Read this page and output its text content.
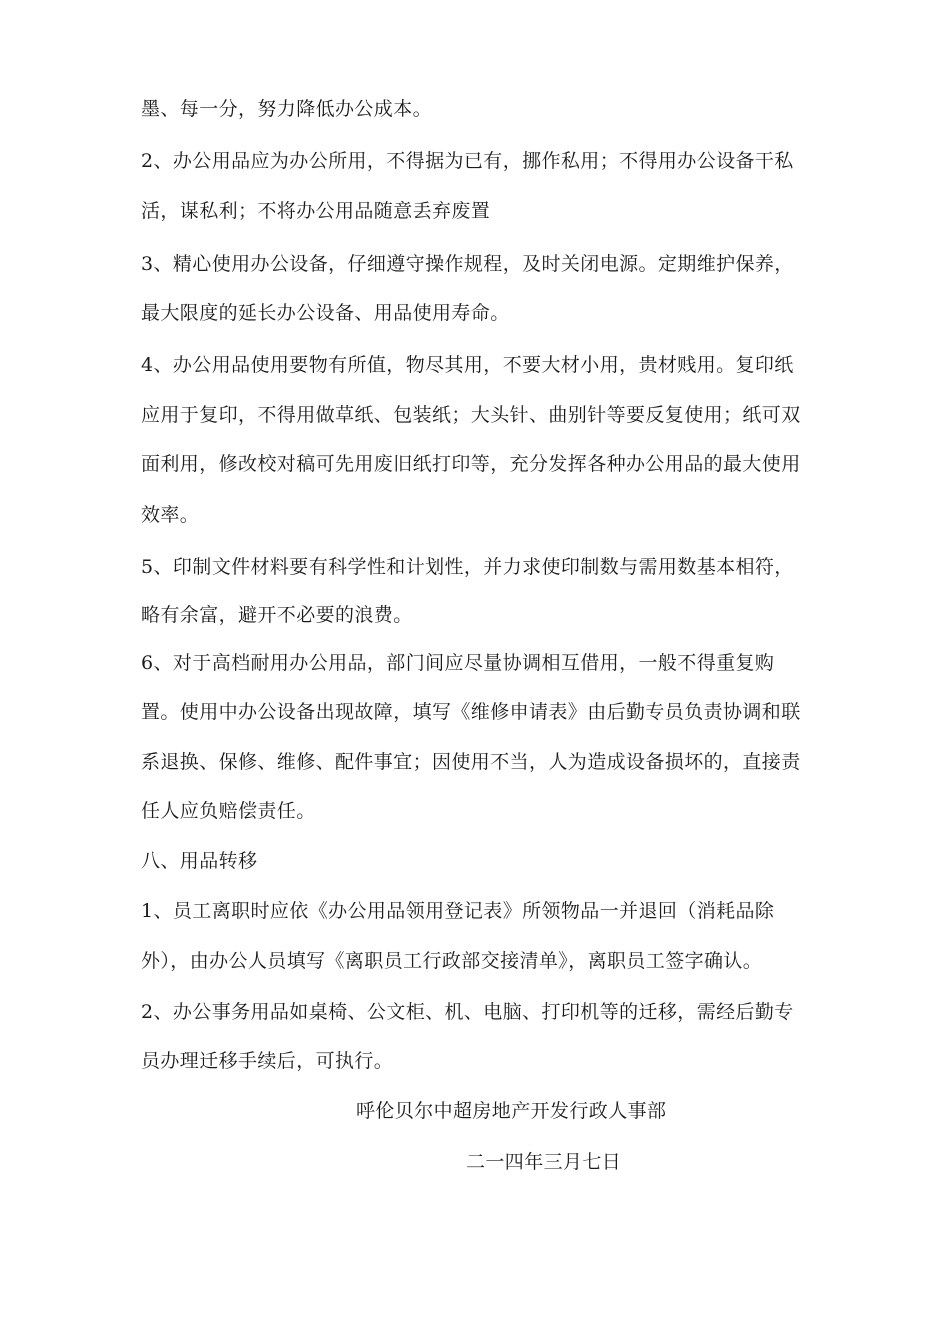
墨、每一分，努力降低办公成本。
2、办公用品应为办公所用，不得据为已有，挪作私用；不得用办公设备干私
活，谋私利；不将办公用品随意丢弃废置
3、精心使用办公设备，仔细遵守操作规程，及时关闭电源。定期维护保养，
最大限度的延长办公设备、用品使用寿命。
4、办公用品使用要物有所值，物尽其用，不要大材小用，贵材贱用。复印纸
应用于复印，不得用做草纸、包装纸；大头针、曲别针等要反复使用；纸可双
面利用，修改校对稿可先用废旧纸打印等，充分发挥各种办公用品的最大使用
效率。
5、印制文件材料要有科学性和计划性，并力求使印制数与需用数基本相符，
略有余富，避开不必要的浪费。
6、对于高档耐用办公用品，部门间应尽量协调相互借用，一般不得重复购
置。使用中办公设备出现故障，填写《维修申请表》由后勤专员负责协调和联
系退换、保修、维修、配件事宜；因使用不当，人为造成设备损坏的，直接责
任人应负赔偿责任。
八、用品转移
1、员工离职时应依《办公用品领用登记表》所领物品一并退回（消耗品除
外），由办公人员填写《离职员工行政部交接清单》，离职员工签字确认。
2、办公事务用品如桌椅、公文柜、机、电脑、打印机等的迁移，需经后勤专
员办理迁移手续后，可执行。
呼伦贝尔中超房地产开发行政人事部
二一四年三月七日
